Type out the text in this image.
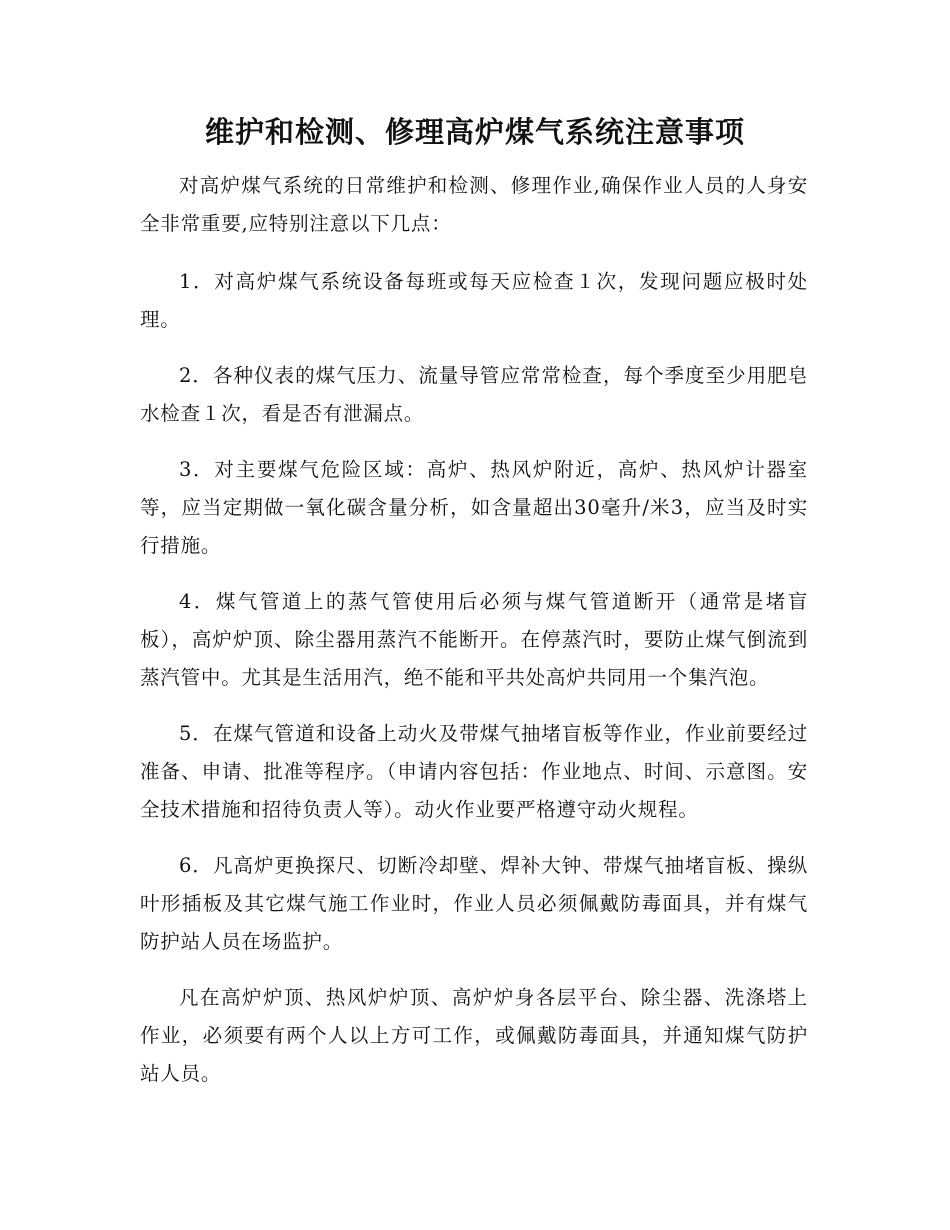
维护和检测、修理高炉煤气系统注意事项

对高炉煤气系统的日常维护和检测、修理作业,确保作业人员的人身安全非常重要,应特别注意以下几点：

1．对高炉煤气系统设备每班或每天应检查１次，发现问题应极时处理。

2．各种仪表的煤气压力、流量导管应常常检查，每个季度至少用肥皂水检查１次，看是否有泄漏点。

3．对主要煤气危险区域：高炉、热风炉附近，高炉、热风炉计器室等，应当定期做一氧化碳含量分析，如含量超出30毫升/米3，应当及时实行措施。

4．煤气管道上的蒸气管使用后必须与煤气管道断开（通常是堵盲板），高炉炉顶、除尘器用蒸汽不能断开。在停蒸汽时，要防止煤气倒流到蒸汽管中。尤其是生活用汽，绝不能和平共处高炉共同用一个集汽泡。

5．在煤气管道和设备上动火及带煤气抽堵盲板等作业，作业前要经过准备、申请、批准等程序。（申请内容包括：作业地点、时间、示意图。安全技术措施和招待负责人等）。动火作业要严格遵守动火规程。

6．凡高炉更换探尺、切断冷却壁、焊补大钟、带煤气抽堵盲板、操纵叶形插板及其它煤气施工作业时，作业人员必须佩戴防毒面具，并有煤气防护站人员在场监护。

凡在高炉炉顶、热风炉炉顶、高炉炉身各层平台、除尘器、洗涤塔上作业，必须要有两个人以上方可工作，或佩戴防毒面具，并通知煤气防护站人员。
